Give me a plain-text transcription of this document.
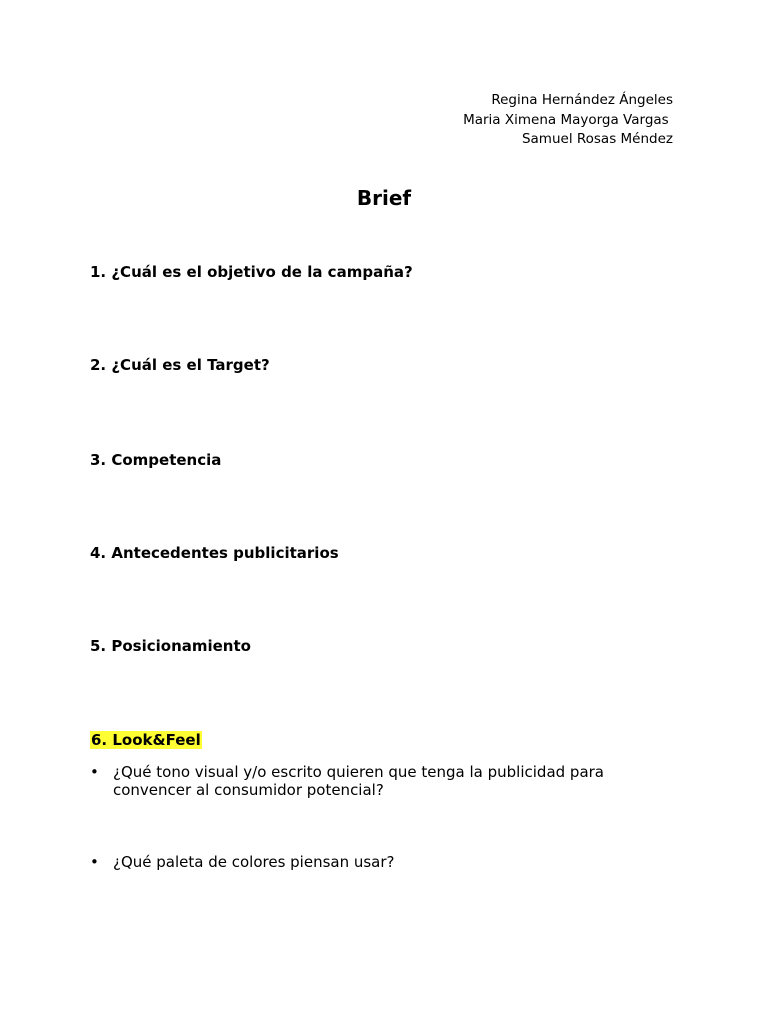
Regina Hernández Ángeles
Maria Ximena Mayorga Vargas
Samuel Rosas Méndez
Brief

1. ¿Cuál es el objetivo de la campaña?

2. ¿Cuál es el Target?

3. Competencia

4. Antecedentes publicitarios

5. Posicionamiento

6. Look&Feel

• ¿Qué tono visual y/o escrito quieren que tenga la publicidad para convencer al consumidor potencial?
• ¿Qué paleta de colores piensan usar?
